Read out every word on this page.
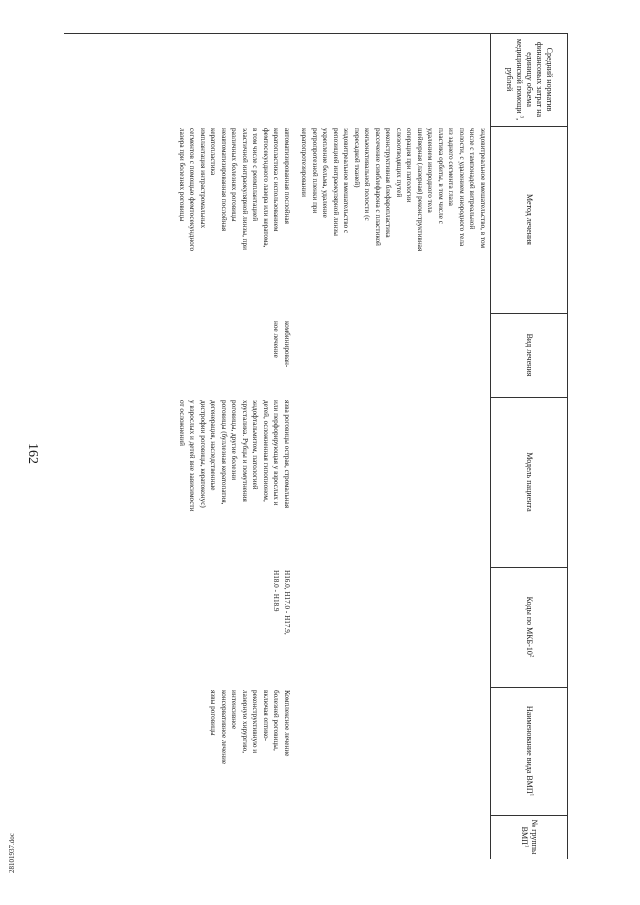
162
28101937.doc
Средний норматив финансовых затрат на единицу объема медицинской помощи $^3$, рублей
Метод лечения
Вид лечения
Модель пациента
Коды по МКБ-$10^2$
Наименование вида ВМП$^1$
№ группы ВМП$^1$
эндовитреальное вмешательство, в том
числе с тампонадой витреальной
полости, с удалением инородного тела
из заднего сегмента глаза
пластика орбиты, в том числе с
удалением инородного тела
шейверная (лазерная) реконструктивная
операция при патологии
слезоотводящих путей
реконструктивная блефаропластика
рассечение симблефарона с пластикой
конъюнктивальной полости (с
пересадкой тканей)
эндовитреальное вмешательство с
репозицией интраокулярной линзы
укрепление бельма, удаление
ретропротезной пленки при
кератопротезировании
автоматизированная послойная
кератопластика с использованием
фемтосекундного лазера или кератома,
в том числе с реимплантацией
эластичной интраокулярной линзы, при
различных болезнях роговицы
неавтоматизированная послойная
кератопластика
имплантация интрастромальных
сегментов с помощью фемтосекундного
лазера при болезнях роговицы
комбинирован-
ное лечение
язва роговицы острая, стромальная
или перфорирующая у взрослых и
детей, осложненная гипопионом,
эндофтальмитом, патологией
хрусталика. Рубцы и помутнения
роговицы, другие болезни
роговицы (буллезная кератопатия,
дегенерация, наследственные
дистрофии роговицы, кератоконус)
у взрослых и детей вне зависимости
от осложнений
H16.0, H17.0 - H17.9,
H18.0 - H18.9
Комплексное лечение
болезней роговицы,
включая оптико-
реконструктивную и
лазерную хирургию,
интенсивное
консервативное лечение
язвы роговицы
